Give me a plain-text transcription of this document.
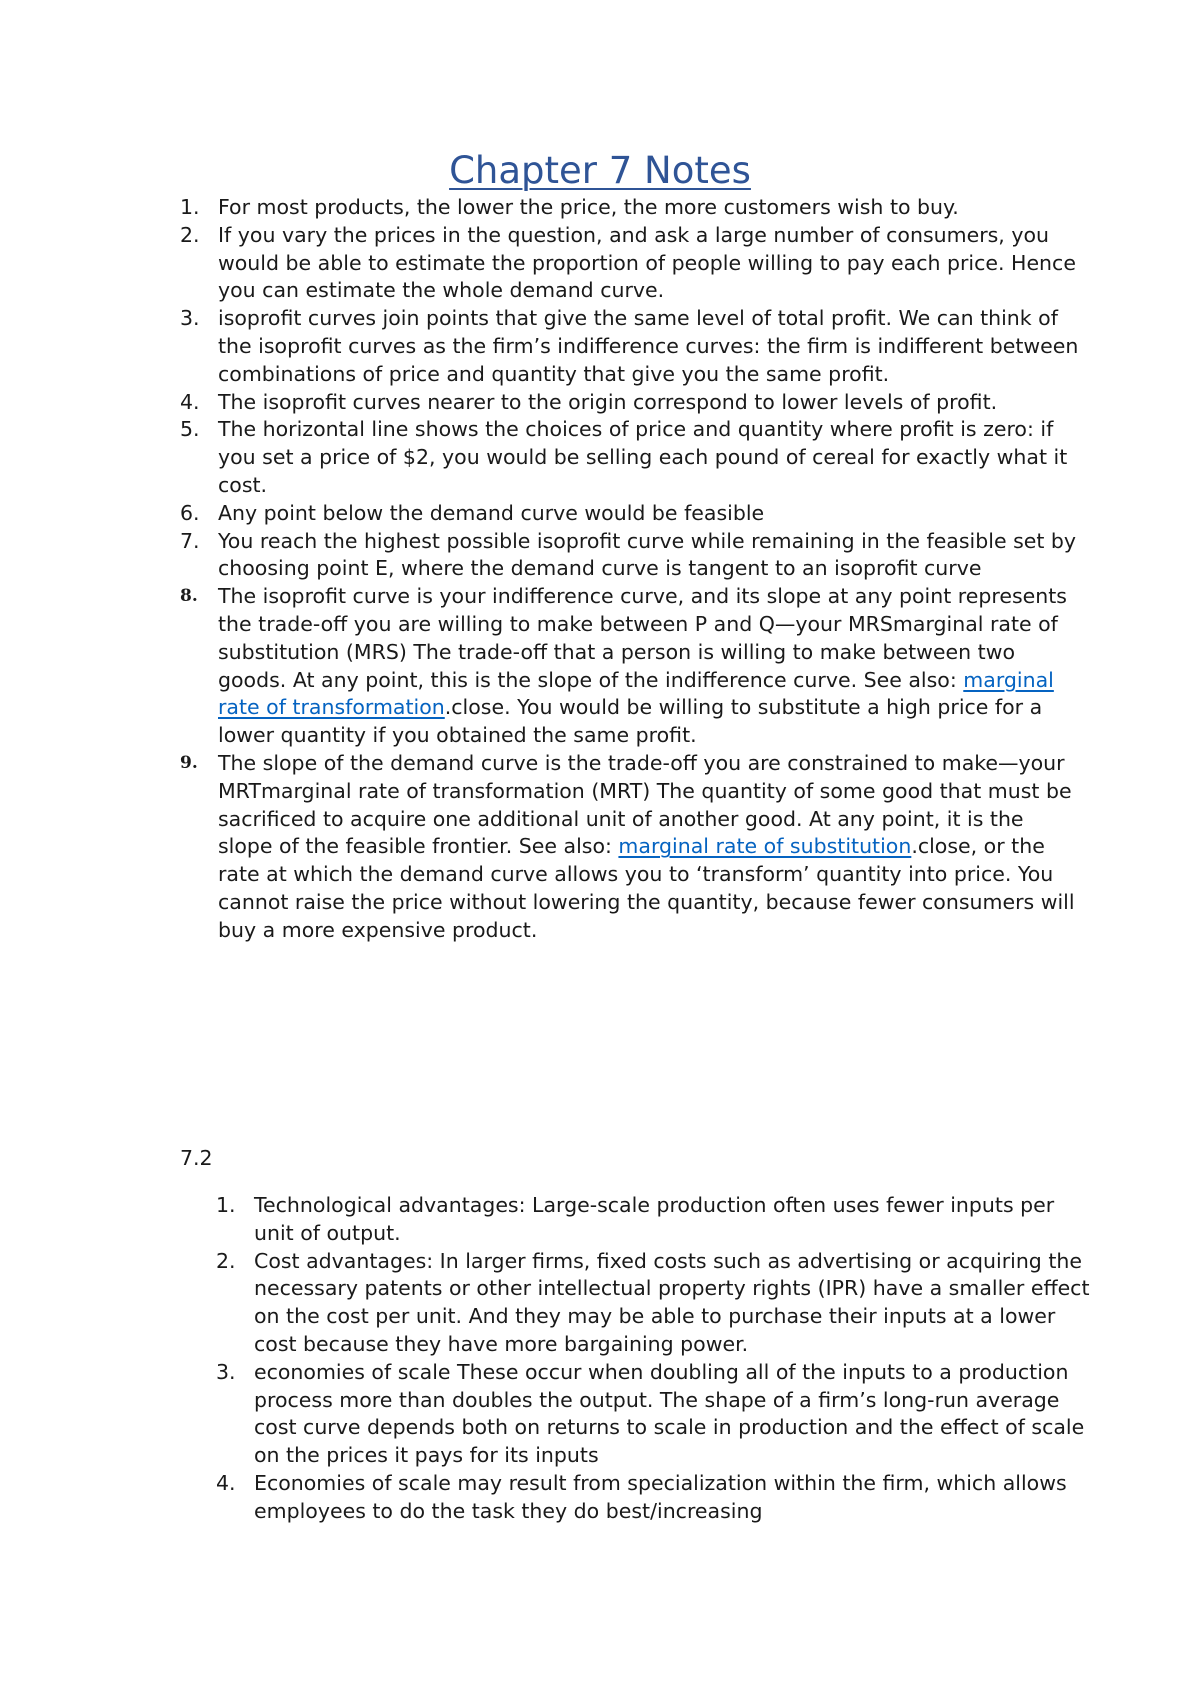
Chapter 7 Notes
1. For most products, the lower the price, the more customers wish to buy.
2. If you vary the prices in the question, and ask a large number of consumers, you would be able to estimate the proportion of people willing to pay each price. Hence you can estimate the whole demand curve.
3. isoprofit curves join points that give the same level of total profit. We can think of the isoprofit curves as the firm’s indifference curves: the firm is indifferent between combinations of price and quantity that give you the same profit.
4. The isoprofit curves nearer to the origin correspond to lower levels of profit.
5. The horizontal line shows the choices of price and quantity where profit is zero: if you set a price of $2, you would be selling each pound of cereal for exactly what it cost.
6. Any point below the demand curve would be feasible
7. You reach the highest possible isoprofit curve while remaining in the feasible set by choosing point E, where the demand curve is tangent to an isoprofit curve
8. The isoprofit curve is your indifference curve, and its slope at any point represents the trade-off you are willing to make between P and Q—your MRSmarginal rate of substitution (MRS) The trade-off that a person is willing to make between two goods. At any point, this is the slope of the indifference curve. See also: marginal rate of transformation.close. You would be willing to substitute a high price for a lower quantity if you obtained the same profit.
9. The slope of the demand curve is the trade-off you are constrained to make—your MRTmarginal rate of transformation (MRT) The quantity of some good that must be sacrificed to acquire one additional unit of another good. At any point, it is the slope of the feasible frontier. See also: marginal rate of substitution.close, or the rate at which the demand curve allows you to ‘transform’ quantity into price. You cannot raise the price without lowering the quantity, because fewer consumers will buy a more expensive product.
7.2
1. Technological advantages: Large-scale production often uses fewer inputs per unit of output.
2. Cost advantages: In larger firms, fixed costs such as advertising or acquiring the necessary patents or other intellectual property rights (IPR) have a smaller effect on the cost per unit. And they may be able to purchase their inputs at a lower cost because they have more bargaining power.
3. economies of scale These occur when doubling all of the inputs to a production process more than doubles the output. The shape of a firm’s long-run average cost curve depends both on returns to scale in production and the effect of scale on the prices it pays for its inputs
4. Economies of scale may result from specialization within the firm, which allows employees to do the task they do best/increasing
